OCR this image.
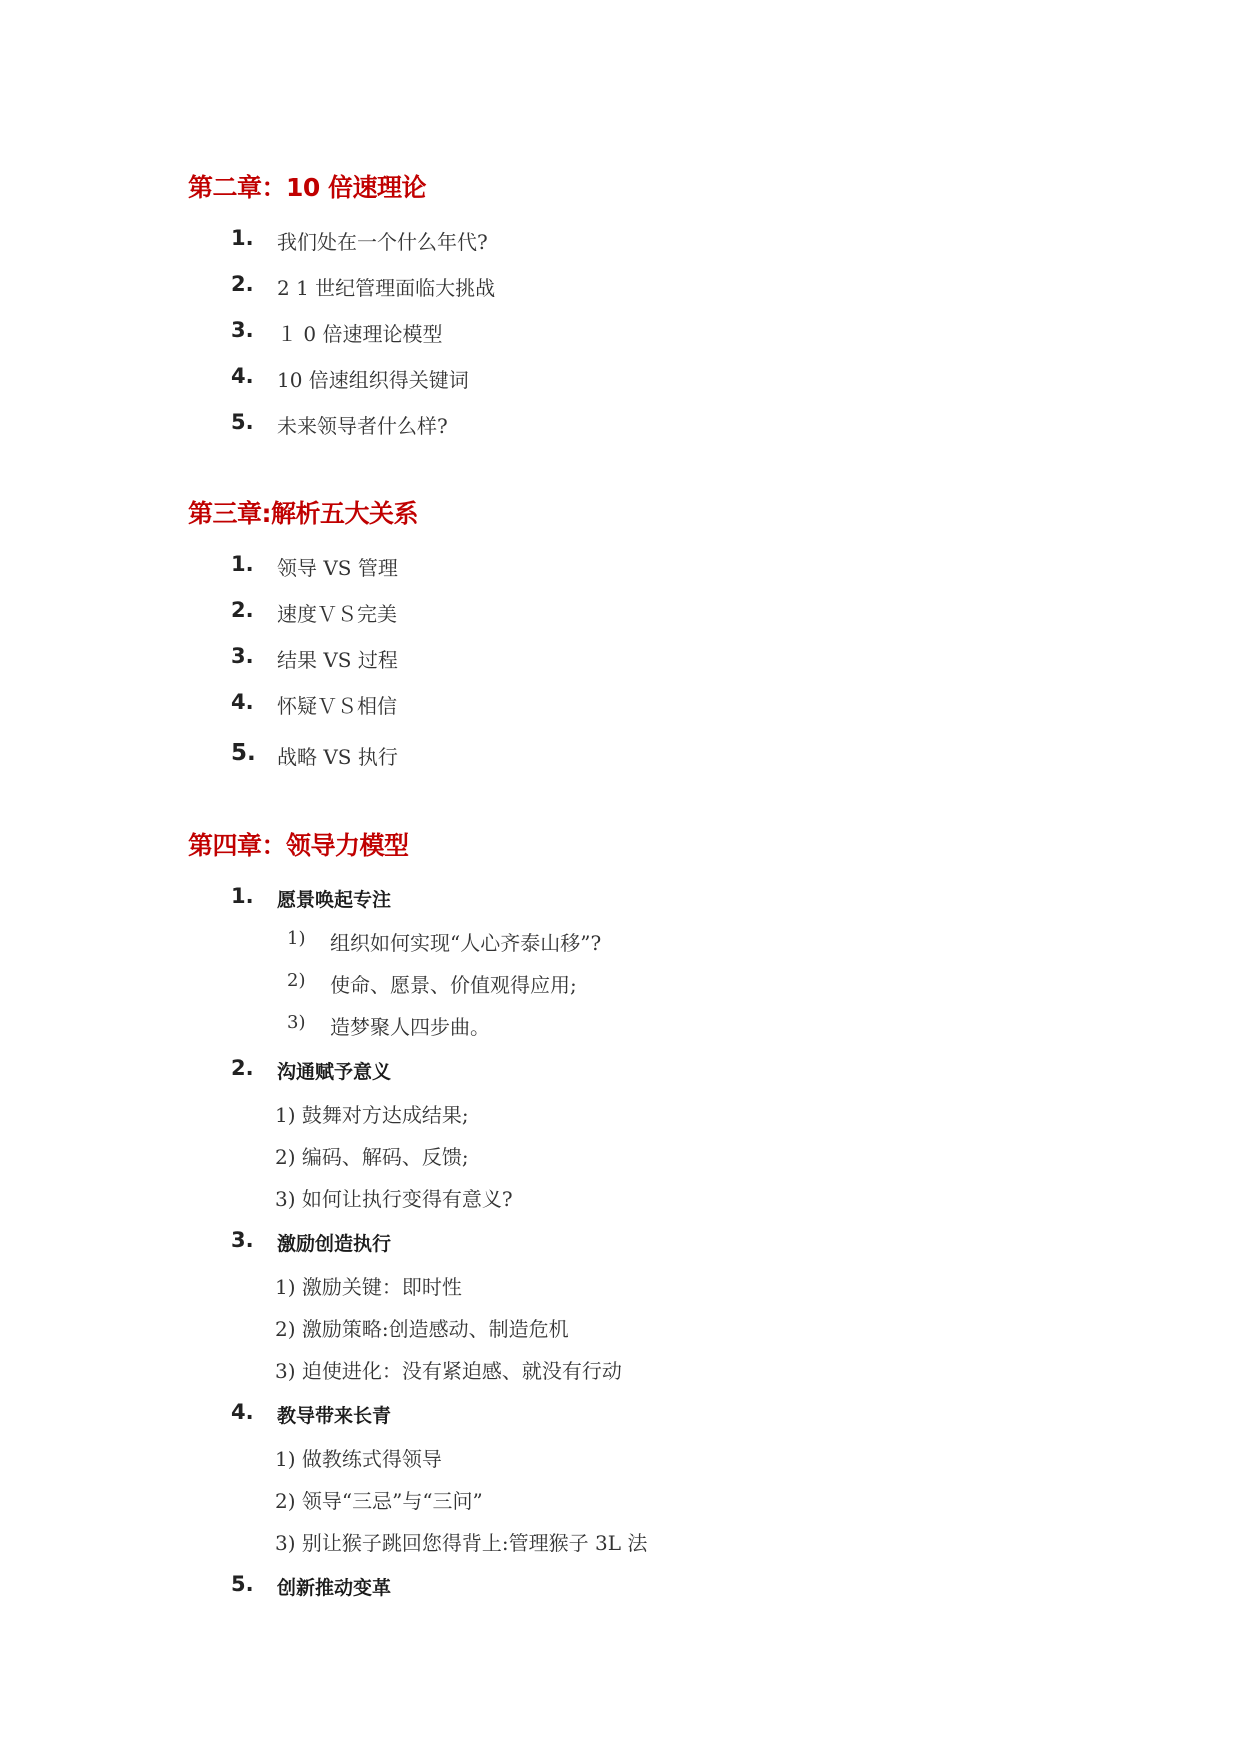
第二章：10 倍速理论
1. 我们处在一个什么年代?
2. 2 1 世纪管理面临大挑战
3. １ 0 倍速理论模型
4. 10 倍速组织得关键词
5. 未来领导者什么样?
第三章:解析五大关系
1. 领导 VS 管理
2. 速度ＶＳ完美
3. 结果 VS 过程
4. 怀疑ＶＳ相信
5. 战略 VS 执行
第四章：领导力模型
1. 愿景唤起专注
1) 组织如何实现“人心齐泰山移”?
2) 使命、愿景、价值观得应用;
3) 造梦聚人四步曲。
2. 沟通赋予意义
1) 鼓舞对方达成结果;
2) 编码、解码、反馈;
3) 如何让执行变得有意义?
3. 激励创造执行
1) 激励关键：即时性
2) 激励策略:创造感动、制造危机
3) 迫使进化：没有紧迫感、就没有行动
4. 教导带来长青
1) 做教练式得领导
2) 领导“三忌”与“三问”
3) 别让猴子跳回您得背上:管理猴子 3L 法
5. 创新推动变革
